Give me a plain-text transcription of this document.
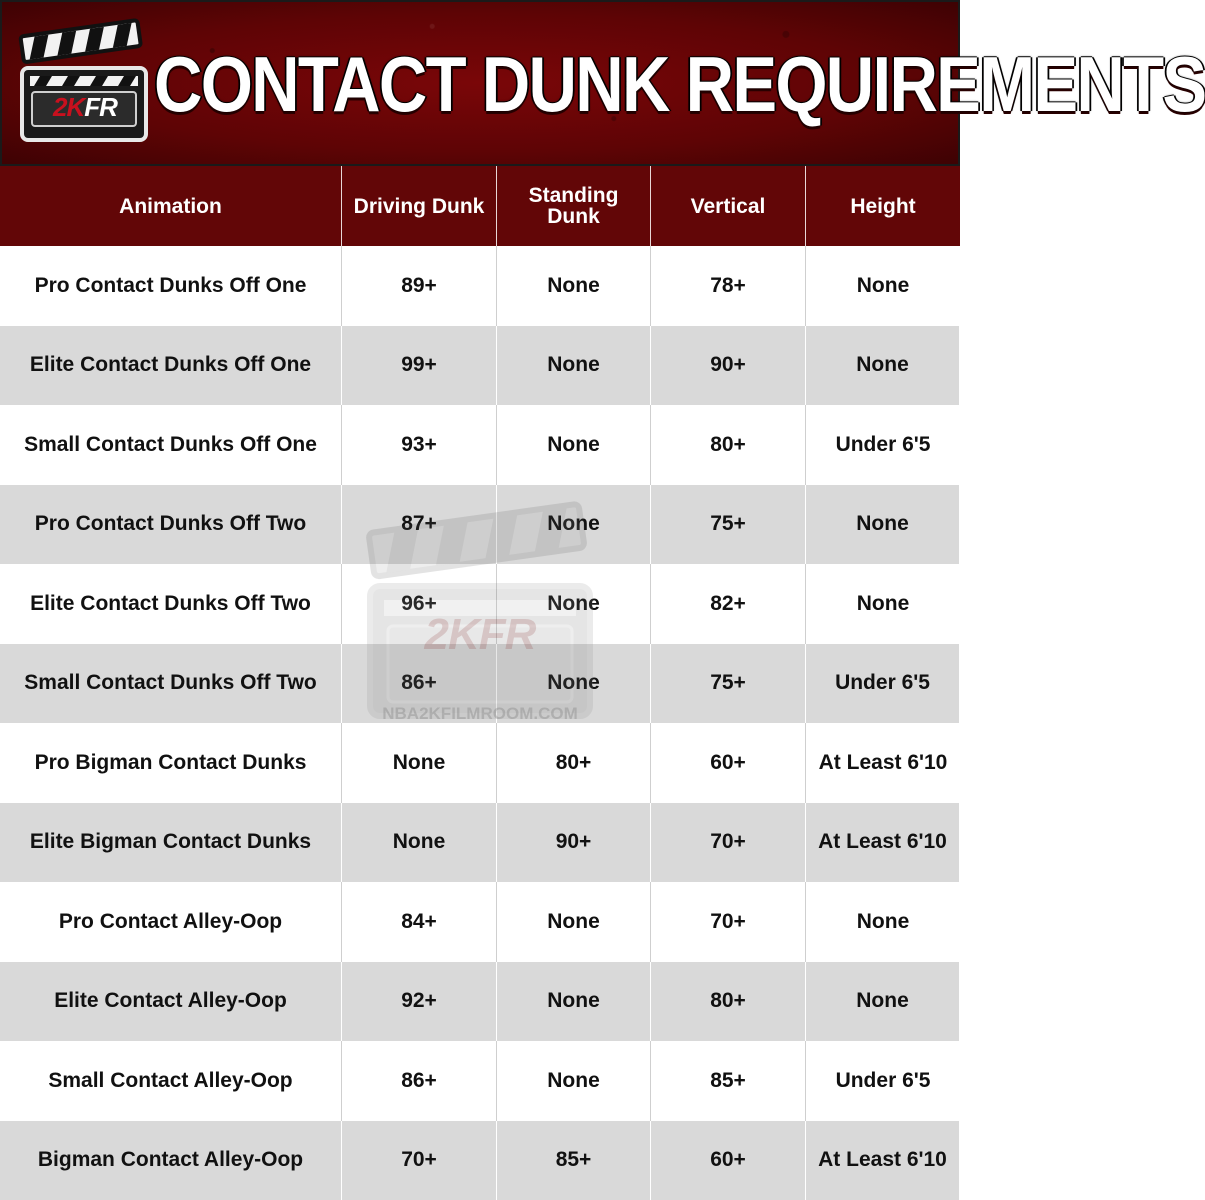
2KFR CONTACT DUNK REQUIREMENTS
Animation	Driving Dunk	Standing Dunk	Vertical	Height
Pro Contact Dunks Off One	89+	None	78+	None
Elite Contact Dunks Off One	99+	None	90+	None
Small Contact Dunks Off One	93+	None	80+	Under 6'5
Pro Contact Dunks Off Two	87+	None	75+	None
Elite Contact Dunks Off Two	96+	None	82+	None
Small Contact Dunks Off Two	86+	None	75+	Under 6'5
Pro Bigman Contact Dunks	None	80+	60+	At Least 6'10
Elite Bigman Contact Dunks	None	90+	70+	At Least 6'10
Pro Contact Alley-Oop	84+	None	70+	None
Elite Contact Alley-Oop	92+	None	80+	None
Small Contact Alley-Oop	86+	None	85+	Under 6'5
Bigman Contact Alley-Oop	70+	85+	60+	At Least 6'10
NBA2KFILMROOM.COM
